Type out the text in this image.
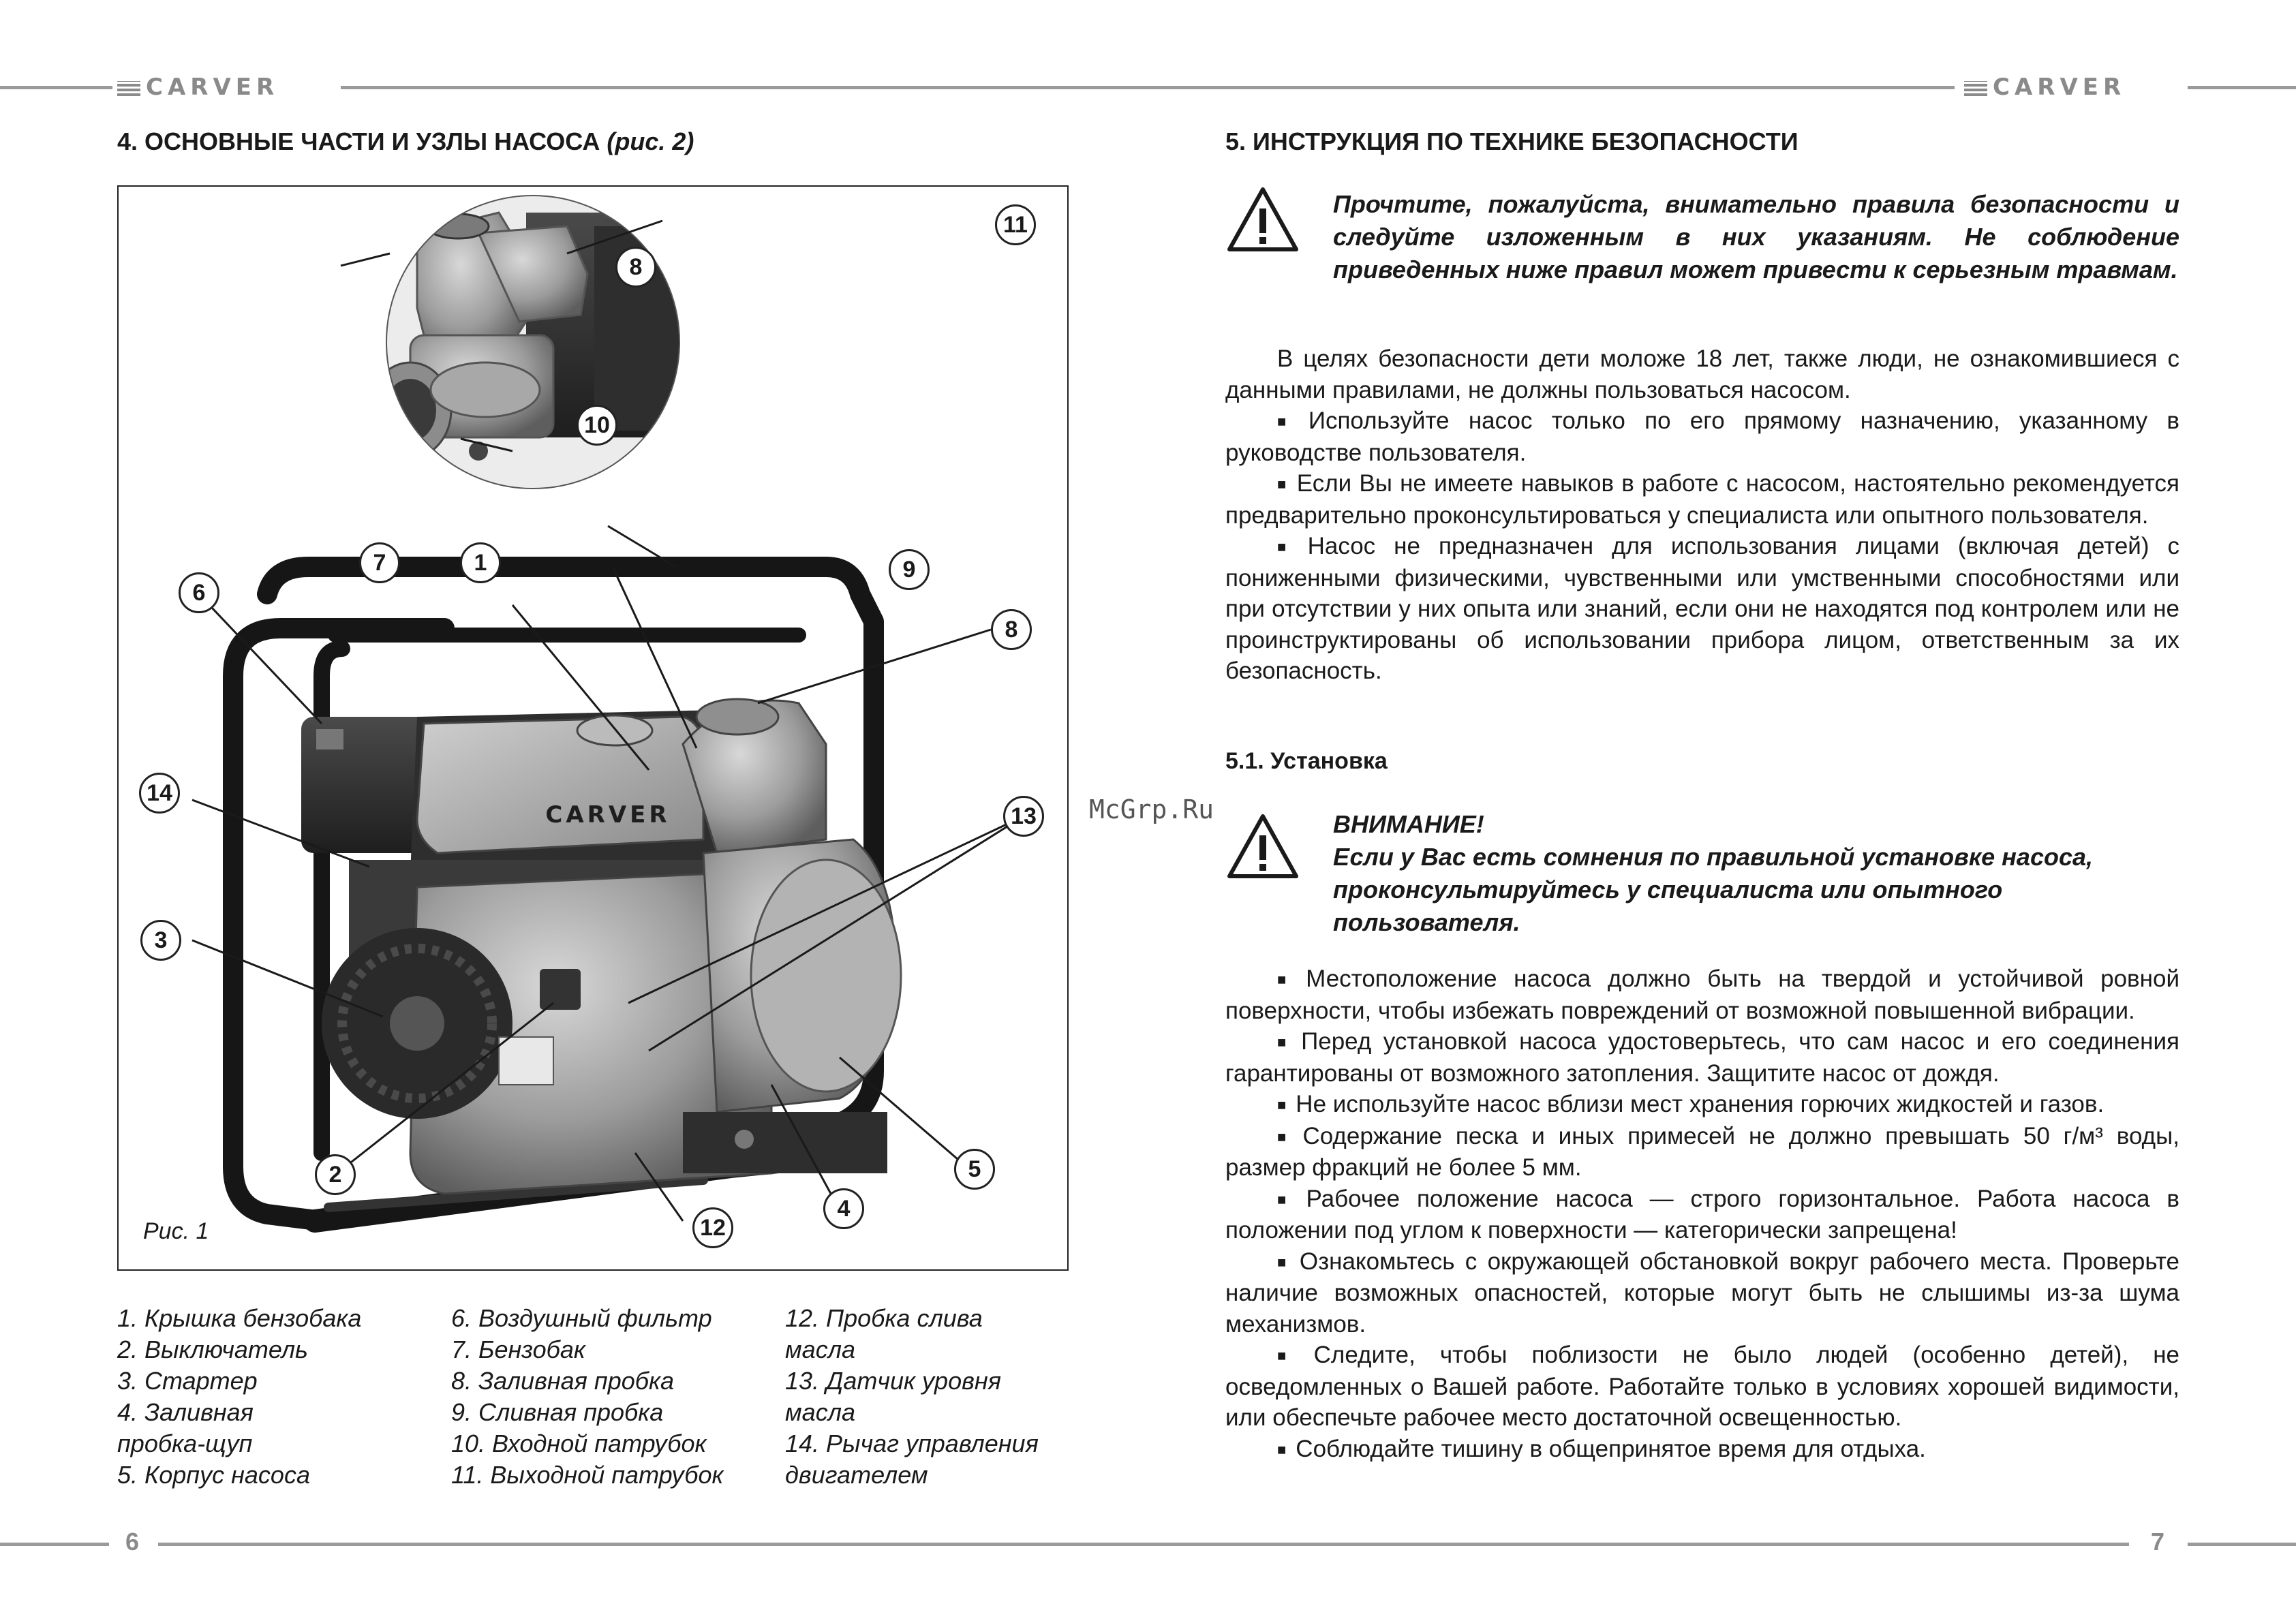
CARVER	CARVER
4. ОСНОВНЫЕ ЧАСТИ И УЗЛЫ НАСОСА (рис. 2)
CARVER
1
7
6
8
14
13
3
2	5
4
12
8
11
10
9
Рис. 1
1. Крышка бензобака
2. Выключатель
3. Стартер
4. Заливная
пробка-щуп
5. Корпус насоса
6. Воздушный фильтр
7. Бензобак
8. Заливная пробка
9. Сливная пробка
10. Входной патрубок
11. Выходной патрубок
12. Пробка слива
масла
13. Датчик уровня
масла
14. Рычаг управления
двигателем
5. ИНСТРУКЦИЯ ПО ТЕХНИКЕ БЕЗОПАСНОСТИ
Прочтите, пожалуйста, внимательно правила безопасности и следуйте изложенным в них указаниям. Не соблюдение приведенных ниже правил может привести к серьезным травмам.

В целях безопасности дети моложе 18 лет, также люди, не ознакомившиеся с данными правилами, не должны пользоваться насосом.

■ Используйте насос только по его прямому назначению, указанному в руководстве пользователя.

■ Если Вы не имеете навыков в работе с насосом, настоятельно рекомендуется предварительно проконсультироваться у специалиста или опытного пользователя.

■ Насос не предназначен для использования лицами (включая детей) с пониженными физическими, чувственными или умственными способностями или при отсутствии у них опыта или знаний, если они не находятся под контролем или не проинструктированы об использовании прибора лицом, ответственным за их безопасность.

5.1. Установка
ВНИМАНИЕ!
Если у Вас есть сомнения по правильной установке насоса, проконсультируйтесь у специалиста или опытного пользователя.

■ Местоположение насоса должно быть на твердой и устойчивой ровной поверхности, чтобы избежать повреждений от возможной повышенной вибрации.

■ Перед установкой насоса удостоверьтесь, что сам насос и его соединения гарантированы от возможного затопления. Защитите насос от дождя.

■ Не используйте насос вблизи мест хранения горючих жидкостей и газов.

■ Содержание песка и иных примесей не должно превышать 50 г/м³ воды, размер фракций не более 5 мм.

■ Рабочее положение насоса — строго горизонтальное. Работа насоса в положении под углом к поверхности — категорически запрещена!

■ Ознакомьтесь с окружающей обстановкой вокруг рабочего места. Проверьте наличие возможных опасностей, которые могут быть не слышимы из-за шума механизмов.

■ Следите, чтобы поблизости не было людей (особенно детей), не осведомленных о Вашей работе. Работайте только в условиях хорошей видимости, или обеспечьте рабочее место достаточной освещенностью.

■ Соблюдайте тишину в общепринятое время для отдыха.

McGrp.Ru
6	7
